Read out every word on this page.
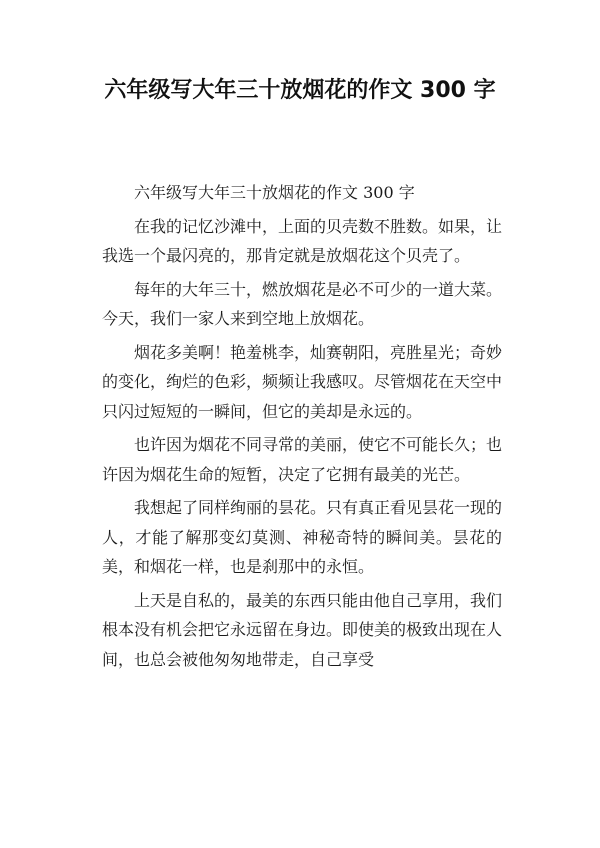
六年级写大年三十放烟花的作文 300 字

六年级写大年三十放烟花的作文 300 字

在我的记忆沙滩中，上面的贝壳数不胜数。如果，让我选一个最闪亮的，那肯定就是放烟花这个贝壳了。

每年的大年三十，燃放烟花是必不可少的一道大菜。今天，我们一家人来到空地上放烟花。

烟花多美啊！艳羞桃李，灿赛朝阳，亮胜星光；奇妙的变化，绚烂的色彩，频频让我感叹。尽管烟花在天空中只闪过短短的一瞬间，但它的美却是永远的。

也许因为烟花不同寻常的美丽，使它不可能长久；也许因为烟花生命的短暂，决定了它拥有最美的光芒。

我想起了同样绚丽的昙花。只有真正看见昙花一现的人，才能了解那变幻莫测、神秘奇特的瞬间美。昙花的美，和烟花一样，也是刹那中的永恒。

上天是自私的，最美的东西只能由他自己享用，我们根本没有机会把它永远留在身边。即使美的极致出现在人间，也总会被他匆匆地带走，自己享受
